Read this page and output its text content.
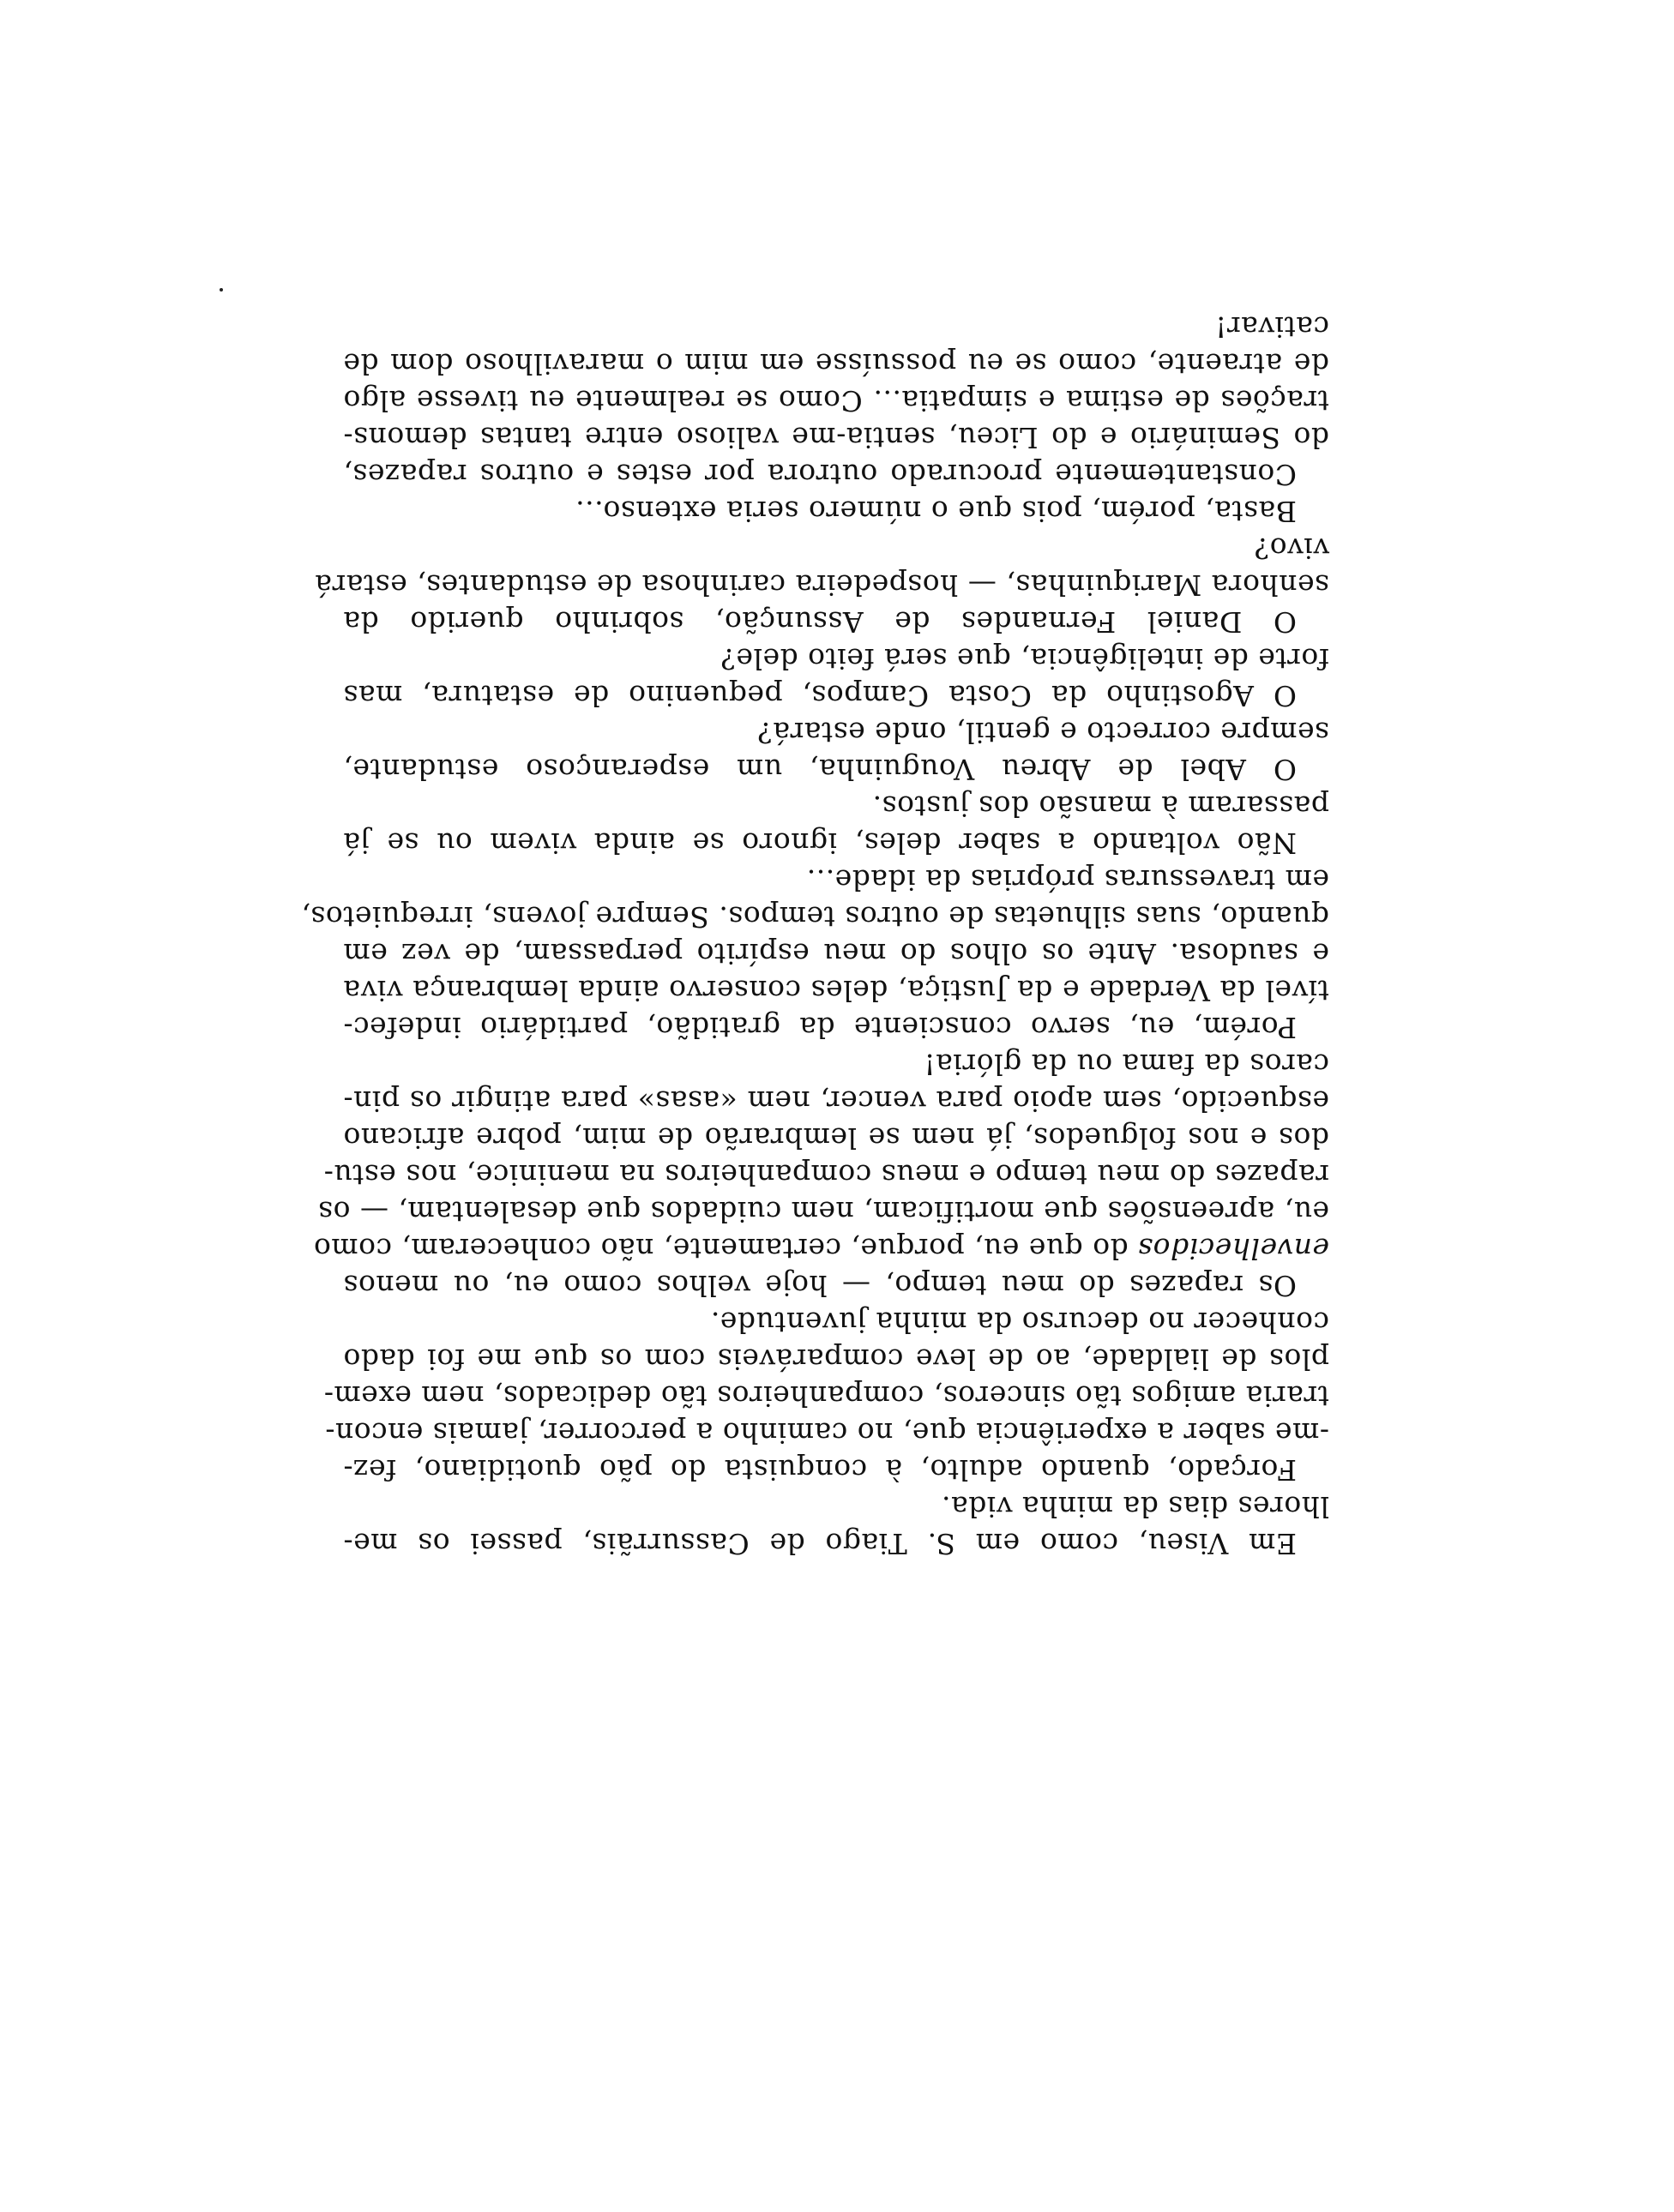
Em Viseu, como em S. Tiago de Cassurrãis, passei os me-
lhores dias da minha vida.

Forçado, quando adulto, à conquista do pão quotidiano, fez-
-me saber a experiência que, no caminho a percorrer, jamais encon-
traria amigos tão sinceros, companheiros tão dedicados, nem exem-
plos de lialdade, ao de leve comparáveis com os que me foi dado
conhecer no decurso da minha juventude.

Os rapazes do meu tempo, — hoje velhos como eu, ou menos
envelhecidos do que eu, porque, certamente, não conheceram, como
eu, apreensões que mortificam, nem cuidados que desalentam, — os
rapazes do meu tempo e meus companheiros na meninice, nos estu-
dos e nos folguedos, já nem se lembrarão de mim, pobre africano
esquecido, sem apoio para vencer, nem «asas» para atingir os pin-
caros da fama ou da glória!

Porém, eu, servo consciente da gratidão, partidário indefec-
tível da Verdade e da Justiça, deles conservo ainda lembrança viva
e saudosa. Ante os olhos do meu espírito perpassam, de vez em
quando, suas silhuetas de outros tempos. Sempre jovens, irrequietos,
em travessuras próprias da idade...

Não voltando a saber deles, ignoro se ainda vivem ou se já
passaram à mansão dos justos.

O Abel de Abreu Vouguinha, um esperançoso estudante,
sempre correcto e gentil, onde estará?

O Agostinho da Costa Campos, pequenino de estatura, mas
forte de inteligência, que será feito dele?

O Daniel Fernandes de Assunção, sobrinho querido da
senhora Mariquinhas, — hospedeira carinhosa de estudantes, estará
vivo?

Basta, porém, pois que o número seria extenso...

Constantemente procurado outrora por estes e outros rapazes,
do Seminário e do Liceu, sentia-me valioso entre tantas demons-
trações de estima e simpatia... Como se realmente eu tivesse algo
de atraente, como se eu possuísse em mim o maravilhoso dom de
cativar!
